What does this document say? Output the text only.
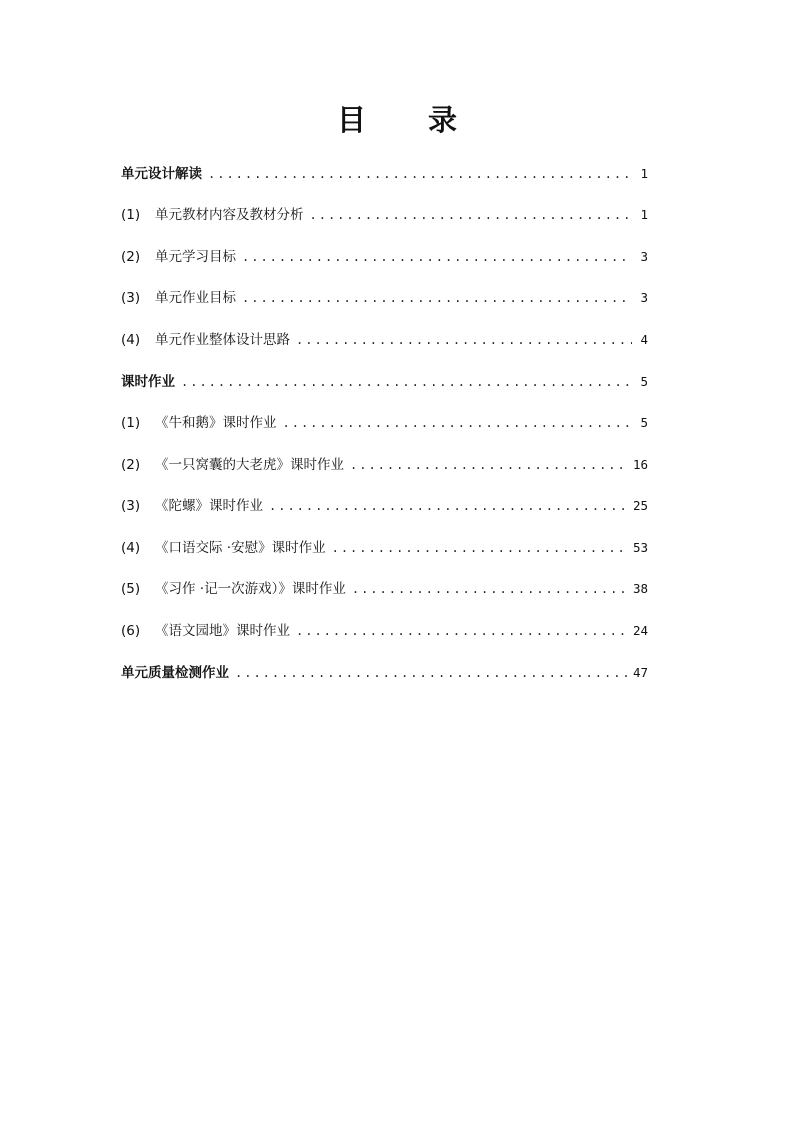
目 录
单元设计解读 .....	1
(1)	单元教材内容及教材分析 .....	1
(2)	单元学习目标 .....	3
(3)	单元作业目标 .....	3
(4)	单元作业整体设计思路 .....	4
课时作业 .....	5
(1)	《牛和鹅》课时作业 .....	5
(2)	《一只窝囊的大老虎》课时作业 .....	16
(3)	《陀螺》课时作业 .....	25
(4)	《口语交际 ·安慰》课时作业 .....	53
(5)	《习作 ·记一次游戏）》课时作业 .....	38
(6)	《语文园地》课时作业 .....	24
单元质量检测作业 .....	47
